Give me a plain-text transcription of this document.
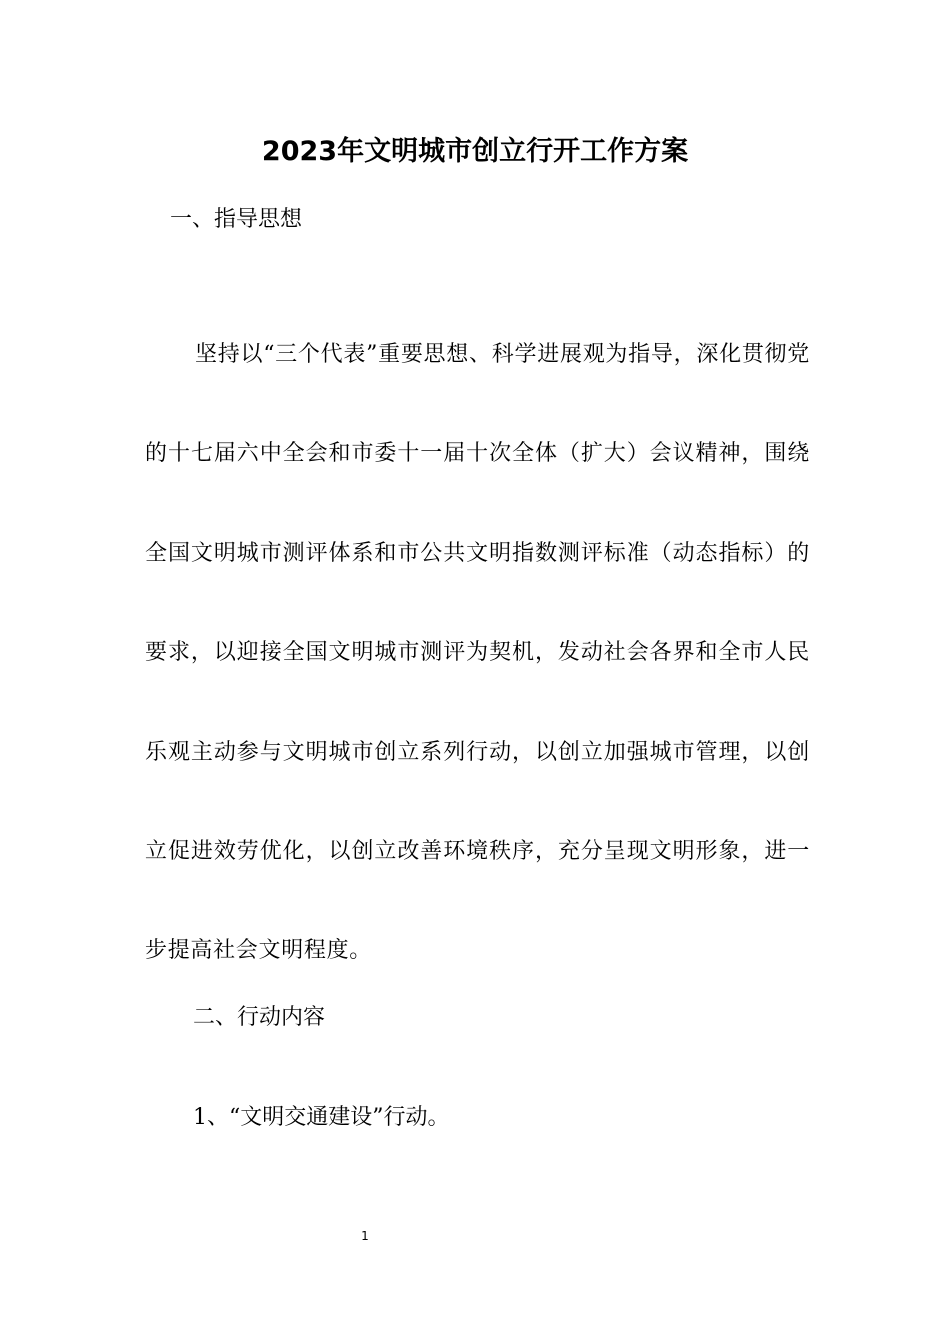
2023年文明城市创立行开工作方案
一、指导思想
坚持以“三个代表”重要思想、科学进展观为指导，深化贯彻党的十七届六中全会和市委十一届十次全体（扩大）会议精神，围绕全国文明城市测评体系和市公共文明指数测评标准（动态指标）的要求，以迎接全国文明城市测评为契机，发动社会各界和全市人民乐观主动参与文明城市创立系列行动，以创立加强城市管理，以创立促进效劳优化，以创立改善环境秩序，充分呈现文明形象，进一步提高社会文明程度。
二、行动内容
1、“文明交通建设”行动。
1
